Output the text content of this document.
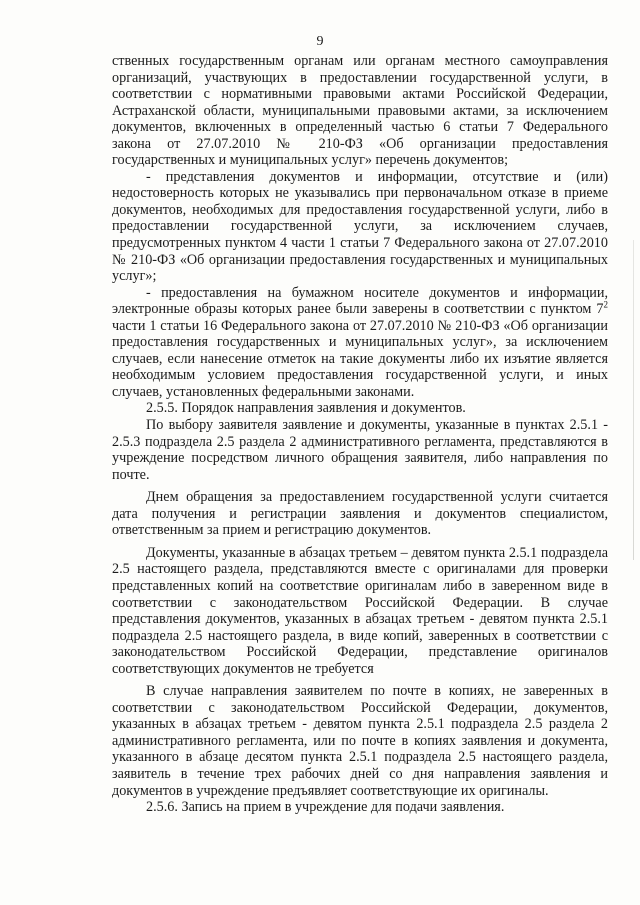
9

ственных государственным органам или органам местного самоуправления организаций, участвующих в предоставлении государственной услуги, в соответствии с нормативными правовыми актами Российской Федерации, Астраханской области, муниципальными правовыми актами, за исключением документов, включенных в определенный частью 6 статьи 7 Федерального закона от 27.07.2010 № 210-ФЗ «Об организации предоставления государственных и муниципальных услуг» перечень документов;

- представления документов и информации, отсутствие и (или) недостоверность которых не указывались при первоначальном отказе в приеме документов, необходимых для предоставления государственной услуги, либо в предоставлении государственной услуги, за исключением случаев, предусмотренных пунктом 4 части 1 статьи 7 Федерального закона от 27.07.2010 № 210-ФЗ «Об организации предоставления государственных и муниципальных услуг»;

- предоставления на бумажном носителе документов и информации, электронные образы которых ранее были заверены в соответствии с пунктом $7^2$ части 1 статьи 16 Федерального закона от 27.07.2010 № 210-ФЗ «Об организации предоставления государственных и муниципальных услуг», за исключением случаев, если нанесение отметок на такие документы либо их изъятие является необходимым условием предоставления государственной услуги, и иных случаев, установленных федеральными законами.

2.5.5. Порядок направления заявления и документов.

По выбору заявителя заявление и документы, указанные в пунктах 2.5.1 - 2.5.3 подраздела 2.5 раздела 2 административного регламента, представляются в учреждение посредством личного обращения заявителя, либо направления по почте.

Днем обращения за предоставлением государственной услуги считается дата получения и регистрации заявления и документов специалистом, ответственным за прием и регистрацию документов.

Документы, указанные в абзацах третьем – девятом пункта 2.5.1 подраздела 2.5 настоящего раздела, представляются вместе с оригиналами для проверки представленных копий на соответствие оригиналам либо в заверенном виде в соответствии с законодательством Российской Федерации. В случае представления документов, указанных в абзацах третьем - девятом пункта 2.5.1 подраздела 2.5 настоящего раздела, в виде копий, заверенных в соответствии с законодательством Российской Федерации, представление оригиналов соответствующих документов не требуется

В случае направления заявителем по почте в копиях, не заверенных в соответствии с законодательством Российской Федерации, документов, указанных в абзацах третьем - девятом пункта 2.5.1 подраздела 2.5 раздела 2 административного регламента, или по почте в копиях заявления и документа, указанного в абзаце десятом пункта 2.5.1 подраздела 2.5 настоящего раздела, заявитель в течение трех рабочих дней со дня направления заявления и документов в учреждение предъявляет соответствующие их оригиналы.

2.5.6. Запись на прием в учреждение для подачи заявления.
